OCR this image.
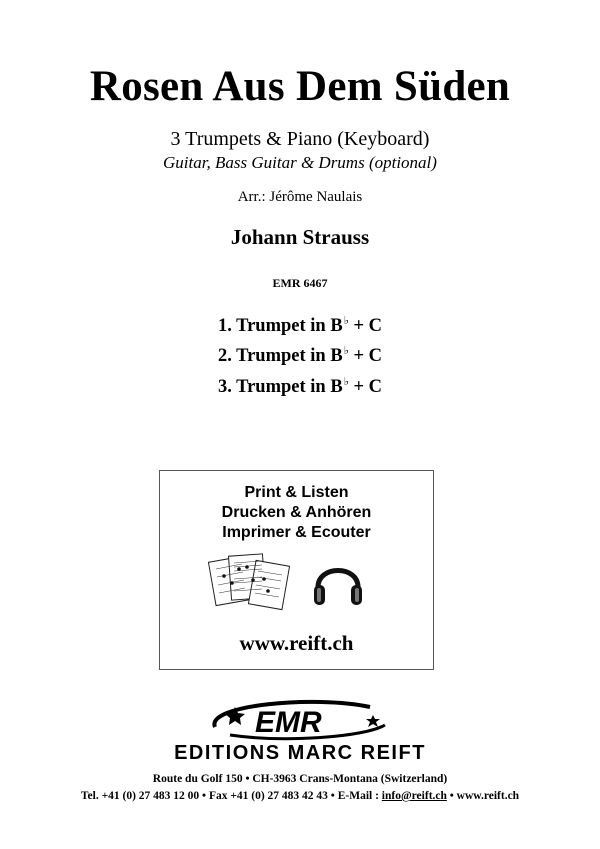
Rosen Aus Dem Süden
3 Trumpets & Piano (Keyboard)
Guitar, Bass Guitar & Drums (optional)
Arr.: Jérôme Naulais
Johann Strauss
EMR 6467
1. Trumpet in B♭ + C
2. Trumpet in B♭ + C
3. Trumpet in B♭ + C
Print & Listen
Drucken & Anhören
Imprimer & Ecouter
www.reift.ch
EMR
EDITIONS MARC REIFT
Route du Golf 150 • CH-3963 Crans-Montana (Switzerland)
Tel. +41 (0) 27 483 12 00 • Fax +41 (0) 27 483 42 43 • E-Mail : info@reift.ch • www.reift.ch
